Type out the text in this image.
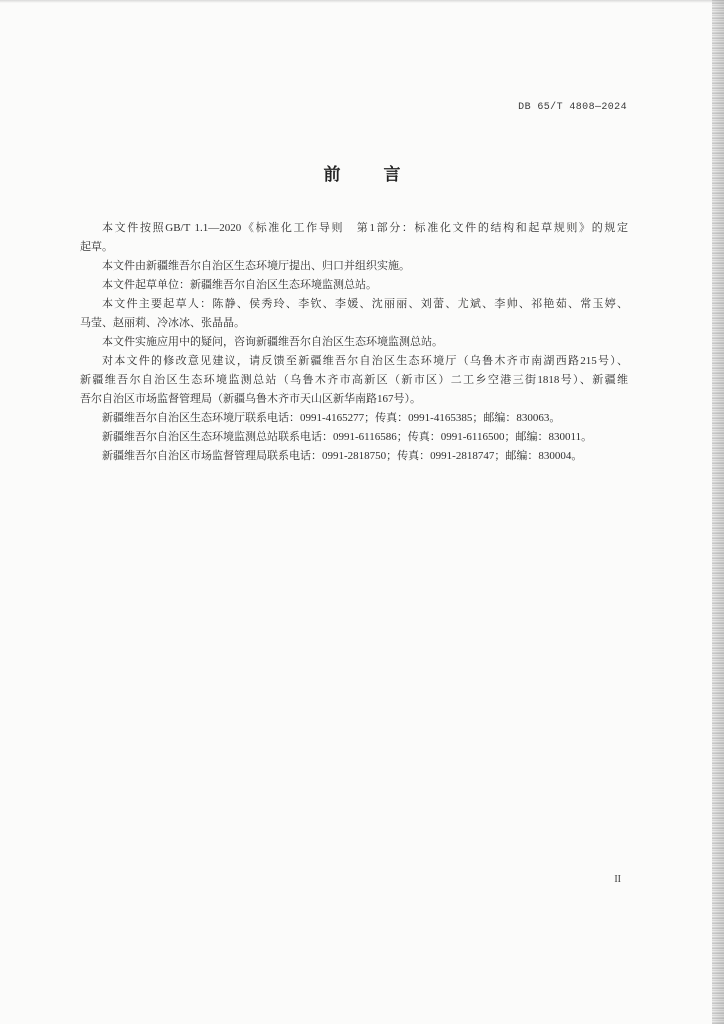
DB 65/T 4808—2024
前　言
本文件按照GB/T 1.1—2020《标准化工作导则　第1部分：标准化文件的结构和起草规则》的规定
起草。
本文件由新疆维吾尔自治区生态环境厅提出、归口并组织实施。
本文件起草单位：新疆维吾尔自治区生态环境监测总站。
本文件主要起草人：陈静、侯秀玲、李钦、李媛、沈丽丽、刘蕾、尤斌、李帅、祁艳茹、常玉婷、
马莹、赵丽莉、冷冰冰、张晶晶。
本文件实施应用中的疑问，咨询新疆维吾尔自治区生态环境监测总站。
对本文件的修改意见建议，请反馈至新疆维吾尔自治区生态环境厅（乌鲁木齐市南湖西路215号）、
新疆维吾尔自治区生态环境监测总站（乌鲁木齐市高新区（新市区）二工乡空港三街1818号）、新疆维
吾尔自治区市场监督管理局（新疆乌鲁木齐市天山区新华南路167号）。
新疆维吾尔自治区生态环境厅联系电话：0991-4165277；传真：0991-4165385；邮编：830063。
新疆维吾尔自治区生态环境监测总站联系电话：0991-6116586；传真：0991-6116500；邮编：830011。
新疆维吾尔自治区市场监督管理局联系电话：0991-2818750；传真：0991-2818747；邮编：830004。
II
